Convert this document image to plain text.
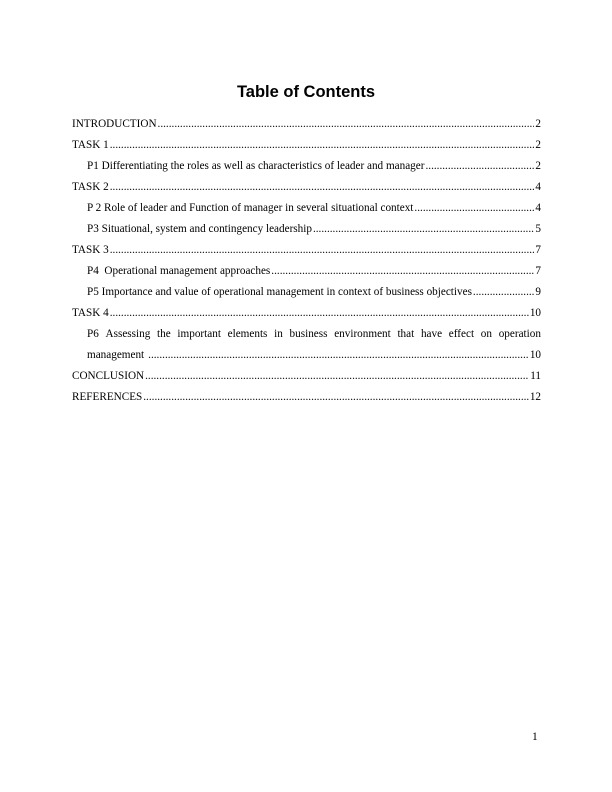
Table of Contents
INTRODUCTION .....	2
TASK 1 .....	2
P1 Differentiating the roles as well as characteristics of leader and manager .....	2
TASK 2 .....	4
P 2 Role of leader and Function of manager in several situational context .....	4
P3 Situational, system and contingency leadership .....	5
TASK 3 .....	7
P4  Operational management approaches .....	7
P5 Importance and value of operational management in context of business objectives .....	9
TASK 4 .....	10
P6 Assessing the important elements in business environment that have effect on operation
management .....	10
CONCLUSION .....	11
REFERENCES .....	12
1
